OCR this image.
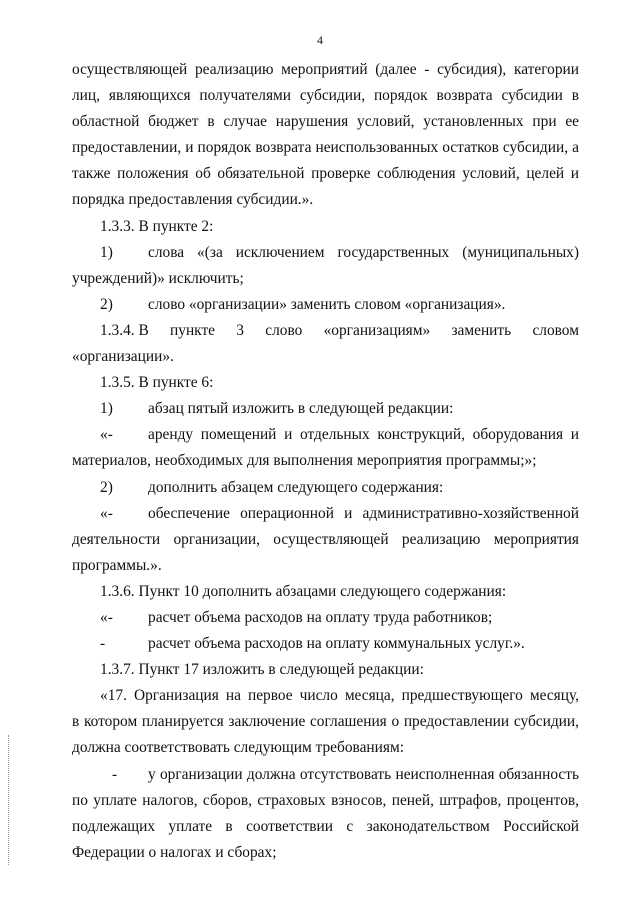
4
осуществляющей реализацию мероприятий (далее - субсидия), категории
лиц, являющихся получателями субсидии, порядок возврата субсидии в
областной бюджет в случае нарушения условий, установленных при ее
предоставлении, и порядок возврата неиспользованных остатков субсидии, а
также положения об обязательной проверке соблюдения условий, целей и
порядка предоставления субсидии.».
1.3.3. В пункте 2:
1)	слова «(за исключением государственных (муниципальных)
учреждений)» исключить;
2)	слово «организации» заменить словом «организация».
1.3.4. В пункте 3 слово «организациям» заменить словом
«организации».
1.3.5. В пункте 6:
1)	абзац пятый изложить в следующей редакции:
«-	аренду помещений и отдельных конструкций, оборудования и
материалов, необходимых для выполнения мероприятия программы;»;
2)	дополнить абзацем следующего содержания:
«-	обеспечение операционной и административно-хозяйственной
деятельности организации, осуществляющей реализацию мероприятия
программы.».
1.3.6. Пункт 10 дополнить абзацами следующего содержания:
«-	расчет объема расходов на оплату труда работников;
-	расчет объема расходов на оплату коммунальных услуг.».
1.3.7. Пункт 17 изложить в следующей редакции:
«17. Организация на первое число месяца, предшествующего месяцу,
в котором планируется заключение соглашения о предоставлении субсидии,
должна соответствовать следующим требованиям:
-	у организации должна отсутствовать неисполненная обязанность
по уплате налогов, сборов, страховых взносов, пеней, штрафов, процентов,
подлежащих уплате в соответствии с законодательством Российской
Федерации о налогах и сборах;
